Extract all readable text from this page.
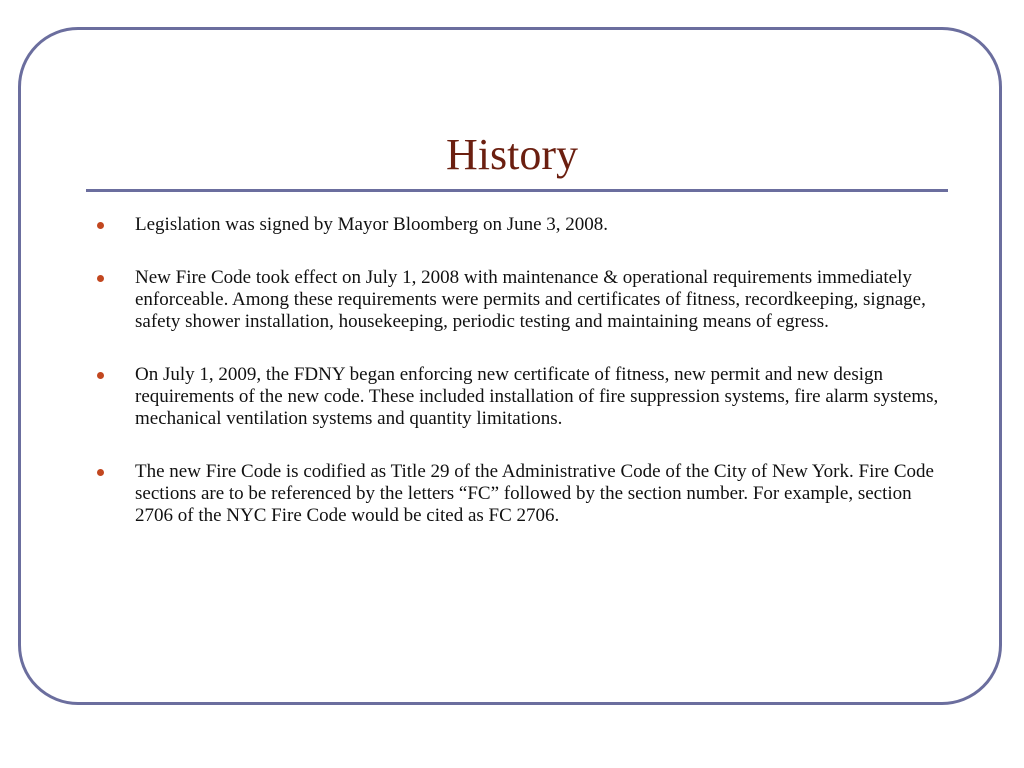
History
Legislation was signed by Mayor Bloomberg on June 3, 2008.
New Fire Code took effect on July 1, 2008 with maintenance & operational requirements immediately enforceable. Among these requirements were permits and certificates of fitness, recordkeeping, signage, safety shower installation, housekeeping, periodic testing and maintaining means of egress.
On July 1, 2009, the FDNY began enforcing new certificate of fitness, new permit and new design requirements of the new code. These included installation of fire suppression systems, fire alarm systems, mechanical ventilation systems and quantity limitations.
The new Fire Code is codified as Title 29 of the Administrative Code of the City of New York. Fire Code sections are to be referenced by the letters “FC” followed by the section number. For example, section 2706 of the NYC Fire Code would be cited as FC 2706.
